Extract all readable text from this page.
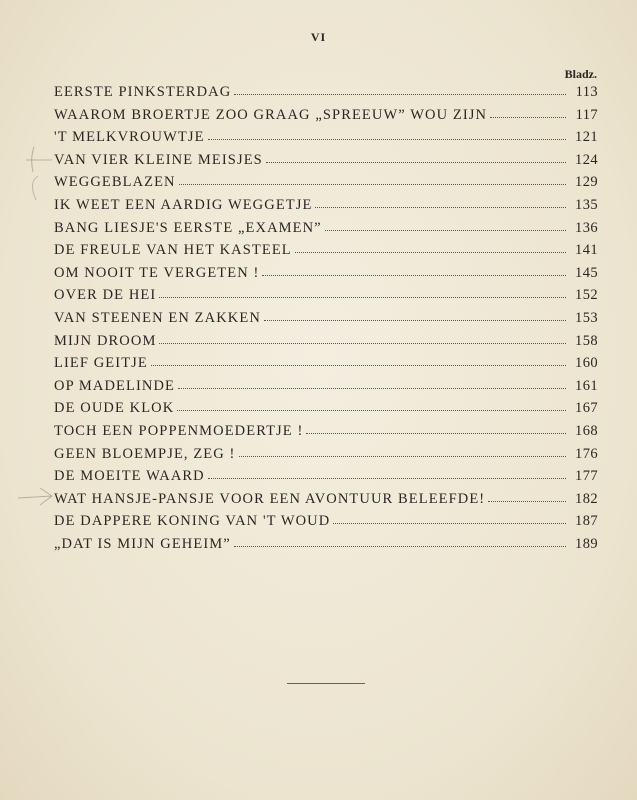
VI
Bladz.
EERSTE PINKSTERDAG	113
WAAROM BROERTJE ZOO GRAAG „SPREEUW” WOU ZIJN	117
'T MELKVROUWTJE	121
VAN VIER KLEINE MEISJES	124
WEGGEBLAZEN	129
IK WEET EEN AARDIG WEGGETJE	135
BANG LIESJE'S EERSTE „EXAMEN”	136
DE FREULE VAN HET KASTEEL	141
OM NOOIT TE VERGETEN !	145
OVER DE HEI	152
VAN STEENEN EN ZAKKEN	153
MIJN DROOM	158
LIEF GEITJE	160
OP MADELINDE	161
DE OUDE KLOK	167
TOCH EEN POPPENMOEDERTJE !	168
GEEN BLOEMPJE, ZEG !	176
DE MOEITE WAARD	177
WAT HANSJE-PANSJE VOOR EEN AVONTUUR BELEEFDE!	182
DE DAPPERE KONING VAN 'T WOUD	187
„DAT IS MIJN GEHEIM”	189
